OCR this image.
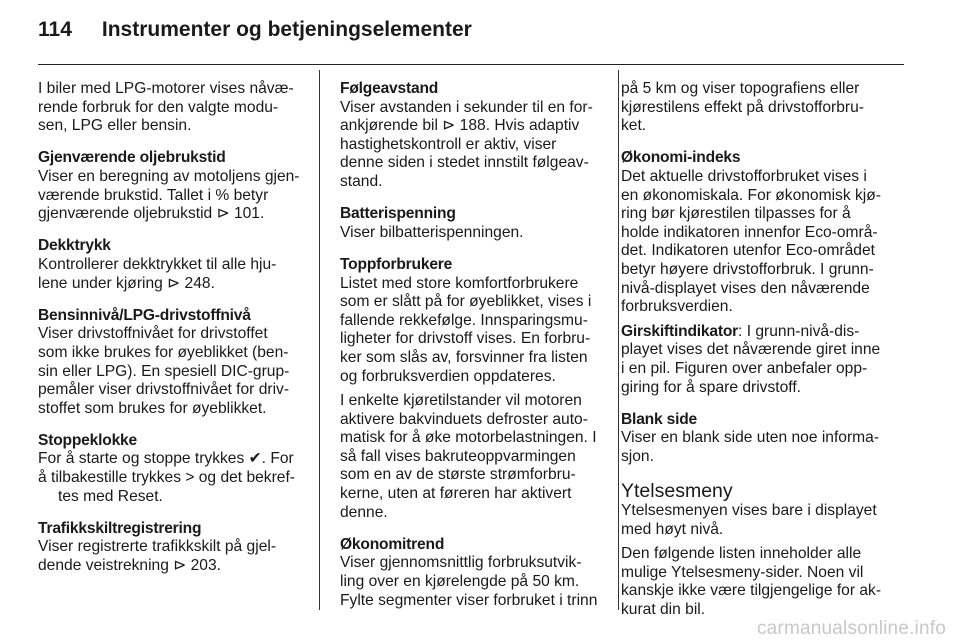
114 Instrumenter og betjeningselementer
I biler med LPG-motorer vises nåvæ-
rende forbruk for den valgte modu-
sen, LPG eller bensin.
Gjenværende oljebrukstid
Viser en beregning av motoljens gjen-
værende brukstid. Tallet i % betyr
gjenværende oljebrukstid ⊳ 101.
Dekktrykk
Kontrollerer dekktrykket til alle hju-
lene under kjøring ⊳ 248.
Bensinnivå/LPG-drivstoffnivå
Viser drivstoffnivået for drivstoffet
som ikke brukes for øyeblikket (ben-
sin eller LPG). En spesiell DIC-grup-
pemåler viser drivstoffnivået for driv-
stoffet som brukes for øyeblikket.
Stoppeklokke
For å starte og stoppe trykkes ✔. For
å tilbakestille trykkes > og det bekref-
tes med Reset.
Trafikkskiltregistrering
Viser registrerte trafikkskilt på gjel-
dende veistrekning ⊳ 203.
Følgeavstand
Viser avstanden i sekunder til en for-
ankjørende bil ⊳ 188. Hvis adaptiv
hastighetskontroll er aktiv, viser
denne siden i stedet innstilt følgeav-
stand.
Batterispenning
Viser bilbatterispenningen.
Toppforbrukere
Listet med store komfortforbrukere
som er slått på for øyeblikket, vises i
fallende rekkefølge. Innsparingsmu-
ligheter for drivstoff vises. En forbru-
ker som slås av, forsvinner fra listen
og forbruksverdien oppdateres.
I enkelte kjøretilstander vil motoren
aktivere bakvinduets defroster auto-
matisk for å øke motorbelastningen. I
så fall vises bakruteoppvarmingen
som en av de største strømforbru-
kerne, uten at føreren har aktivert
denne.
Økonomitrend
Viser gjennomsnittlig forbruksutvik-
ling over en kjørelengde på 50 km.
Fylte segmenter viser forbruket i trinn
på 5 km og viser topografiens eller
kjørestilens effekt på drivstofforbru-
ket.
Økonomi-indeks
Det aktuelle drivstofforbruket vises i
en økonomiskala. For økonomisk kjø-
ring bør kjørestilen tilpasses for å
holde indikatoren innenfor Eco-områ-
det. Indikatoren utenfor Eco-området
betyr høyere drivstofforbruk. I grunn-
nivå-displayet vises den nåværende
forbruksverdien.
Girskiftindikator: I grunn-nivå-dis-
playet vises det nåværende giret inne
i en pil. Figuren over anbefaler opp-
giring for å spare drivstoff.
Blank side
Viser en blank side uten noe informa-
sjon.
Ytelsesmeny
Ytelsesmenyen vises bare i displayet
med høyt nivå.
Den følgende listen inneholder alle
mulige Ytelsesmeny-sider. Noen vil
kanskje ikke være tilgjengelige for ak-
kurat din bil.
carmanualsonline.info
